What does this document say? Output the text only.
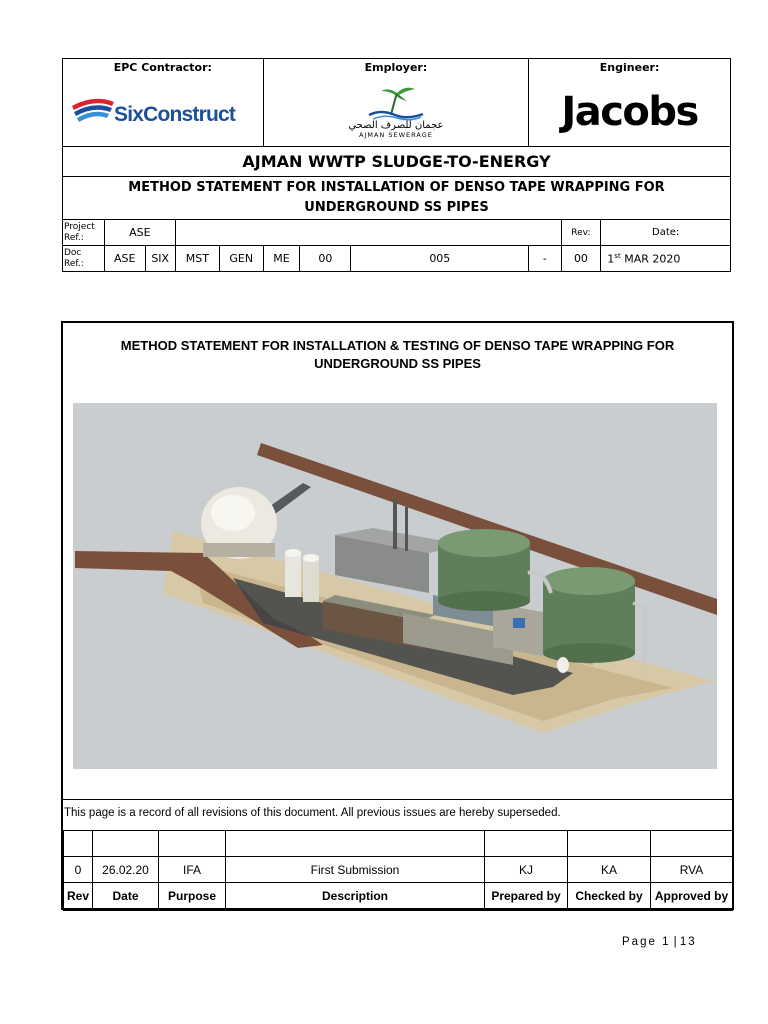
EPC Contractor:
SixConstruct					Employer:
عجمان للصرف الصحي
AJMAN SEWERAGE			Engineer:
Jacobs		

AJMAN WWTP SLUDGE-TO-ENERGY										
METHOD STATEMENT FOR INSTALLATION OF DENSO TAPE WRAPPING FOR UNDERGROUND SS PIPES										
Project Ref.:	ASE								Rev:	Date:
Doc Ref.:	ASE	SIX	MST	GEN	ME	00	005	-	00	1st MAR 2020
METHOD STATEMENT FOR INSTALLATION & TESTING OF DENSO TAPE WRAPPING FOR UNDERGROUND SS PIPES
This page is a record of all revisions of this document. All previous issues are hereby superseded.

0	26.02.20	IFA	First Submission	KJ	KA	RVA
Rev	Date	Purpose	Description	Prepared by	Checked by	Approved by
Page 1 | 13
